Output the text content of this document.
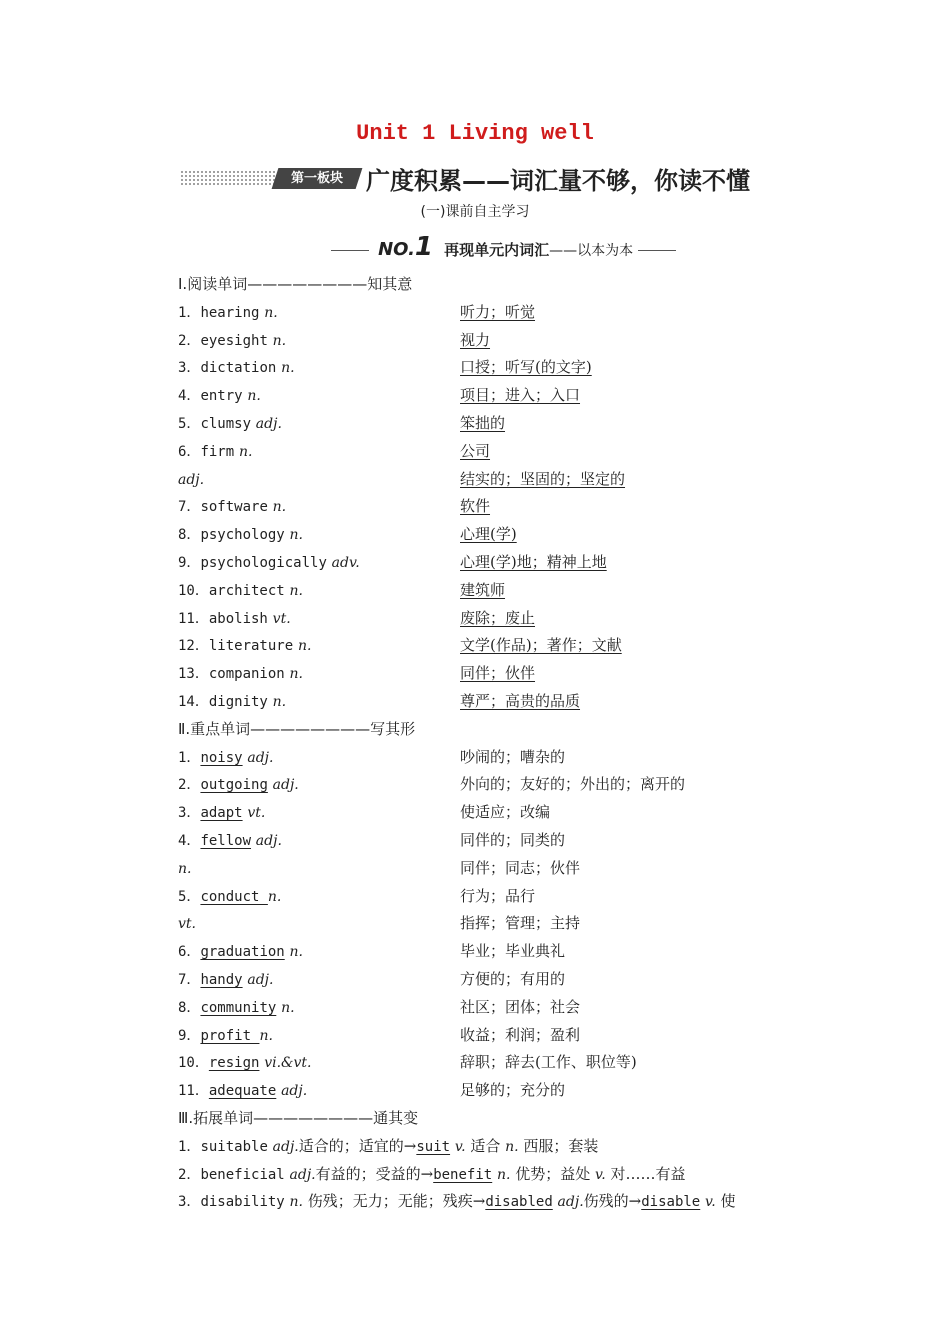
Unit 1 Living well
第一板块 广度积累——词汇量不够，你读不懂
(一)课前自主学习
NO.1 再现单元内词汇——以本为本
Ⅰ.阅读单词————————知其意
1．hearing n.	听力；听觉
2．eyesight n.	视力
3．dictation n.	口授；听写(的文字)
4．entry n.	项目；进入；入口
5．clumsy adj.	笨拙的
6．firm n.	公司
adj.	结实的；坚固的；坚定的
7．software n.	软件
8．psychology n.	心理(学)
9．psychologically adv.	心理(学)地；精神上地
10．architect n.	建筑师
11．abolish vt.	废除；废止
12．literature n.	文学(作品)；著作；文献
13．companion n.	同伴；伙伴
14．dignity n.	尊严；高贵的品质
Ⅱ.重点单词————————写其形
1．noisy adj.	吵闹的；嘈杂的
2．outgoing adj.	外向的；友好的；外出的；离开的
3．adapt vt.	使适应；改编
4．fellow adj.	同伴的；同类的
n.	同伴；同志；伙伴
5．conduct n.	行为；品行
vt.	指挥；管理；主持
6．graduation n.	毕业；毕业典礼
7．handy adj.	方便的；有用的
8．community n.	社区；团体；社会
9．profit n.	收益；利润；盈利
10．resign vi.&vt.	辞职；辞去(工作、职位等)
11．adequate adj.	足够的；充分的
Ⅲ.拓展单词————————通其变
1．suitable adj.适合的；适宜的→suit v. 适合 n. 西服；套装
2．beneficial adj.有益的；受益的→benefit n. 优势；益处 v. 对……有益
3．disability n. 伤残；无力；无能；残疾→disabled adj.伤残的→disable v. 使
